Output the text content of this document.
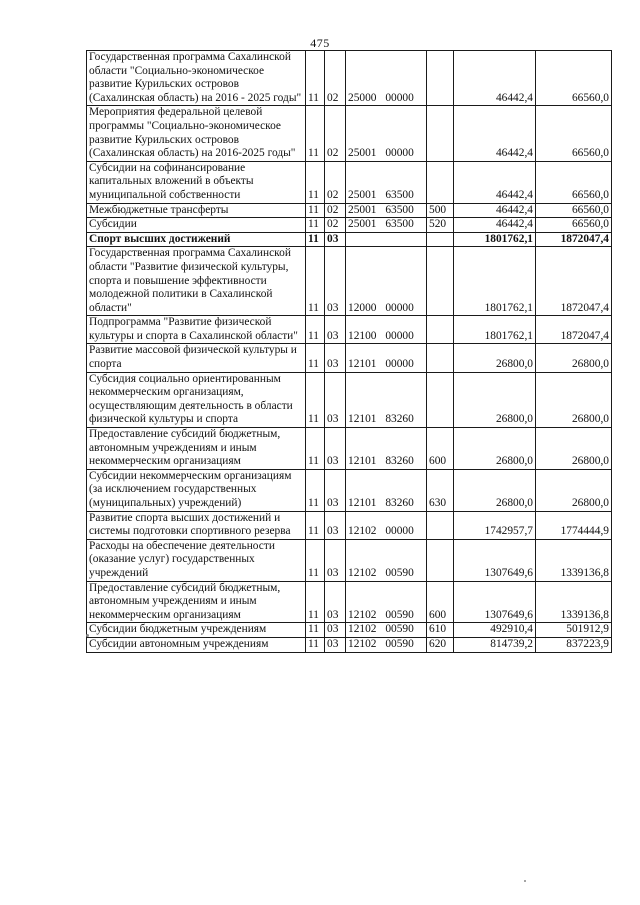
475
Государственная программа Сахалинской области "Социально-экономическое развитие Курильских островов (Сахалинская область) на 2016 - 2025 годы"	11	02	25000 00000		46442,4	66560,0
Мероприятия федеральной целевой программы "Социально-экономическое развитие Курильских островов (Сахалинская область) на 2016-2025 годы"	11	02	25001 00000		46442,4	66560,0
Субсидии на софинансирование капитальных вложений в объекты муниципальной собственности	11	02	25001 63500		46442,4	66560,0
Межбюджетные трансферты	11	02	25001 63500	500	46442,4	66560,0
Субсидии	11	02	25001 63500	520	46442,4	66560,0
Спорт высших достижений	11	03			1801762,1	1872047,4
Государственная программа Сахалинской области "Развитие физической культуры, спорта и повышение эффективности молодежной политики в Сахалинской области"	11	03	12000 00000		1801762,1	1872047,4
Подпрограмма "Развитие физической культуры и спорта в Сахалинской области"	11	03	12100 00000		1801762,1	1872047,4
Развитие массовой физической культуры и спорта	11	03	12101 00000		26800,0	26800,0
Субсидия социально ориентированным некоммерческим организациям, осуществляющим деятельность в области физической культуры и спорта	11	03	12101 83260		26800,0	26800,0
Предоставление субсидий бюджетным, автономным учреждениям и иным некоммерческим организациям	11	03	12101 83260	600	26800,0	26800,0
Субсидии некоммерческим организациям (за исключением государственных (муниципальных) учреждений)	11	03	12101 83260	630	26800,0	26800,0
Развитие спорта высших достижений и системы подготовки спортивного резерва	11	03	12102 00000		1742957,7	1774444,9
Расходы на обеспечение деятельности (оказание услуг) государственных учреждений	11	03	12102 00590		1307649,6	1339136,8
Предоставление субсидий бюджетным, автономным учреждениям и иным некоммерческим организациям	11	03	12102 00590	600	1307649,6	1339136,8
Субсидии бюджетным учреждениям	11	03	12102 00590	610	492910,4	501912,9
Субсидии автономным учреждениям	11	03	12102 00590	620	814739,2	837223,9
